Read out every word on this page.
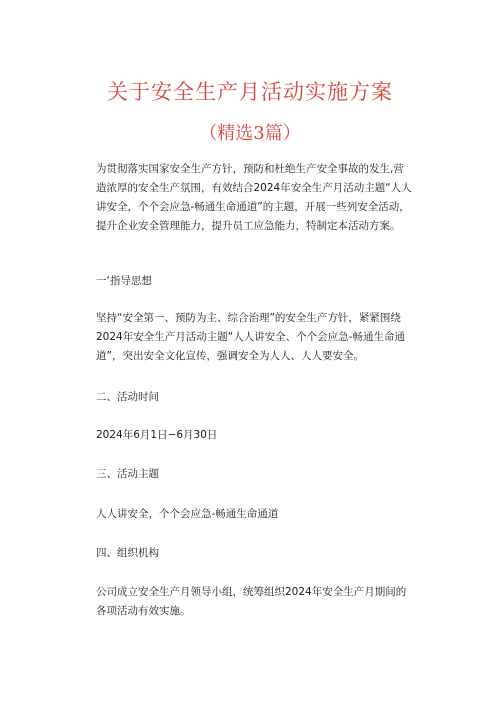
关于安全生产月活动实施方案
（精选3篇）

为贯彻落实国家安全生产方针，预防和杜绝生产安全事故的发生,营造浓厚的安全生产氛围，有效结合2024年安全生产月活动主题“人人讲安全，个个会应急-畅通生命通道”的主题，开展一些列安全活动，提升企业安全管理能力，提升员工应急能力，特制定本活动方案。

一‘指导思想

坚持“安全第一、预防为主、综合治理”的安全生产方针，紧紧围绕2024年安全生产月活动主题“人人讲安全、个个会应急-畅通生命通道”，突出安全文化宣传，强调安全为人人、人人要安全。

二、活动时间

2024年6月1日−6月30日

三、活动主题

人人讲安全，个个会应急-畅通生命通道

四、组织机构

公司成立安全生产月领导小组，统筹组织2024年安全生产月期间的各项活动有效实施。
